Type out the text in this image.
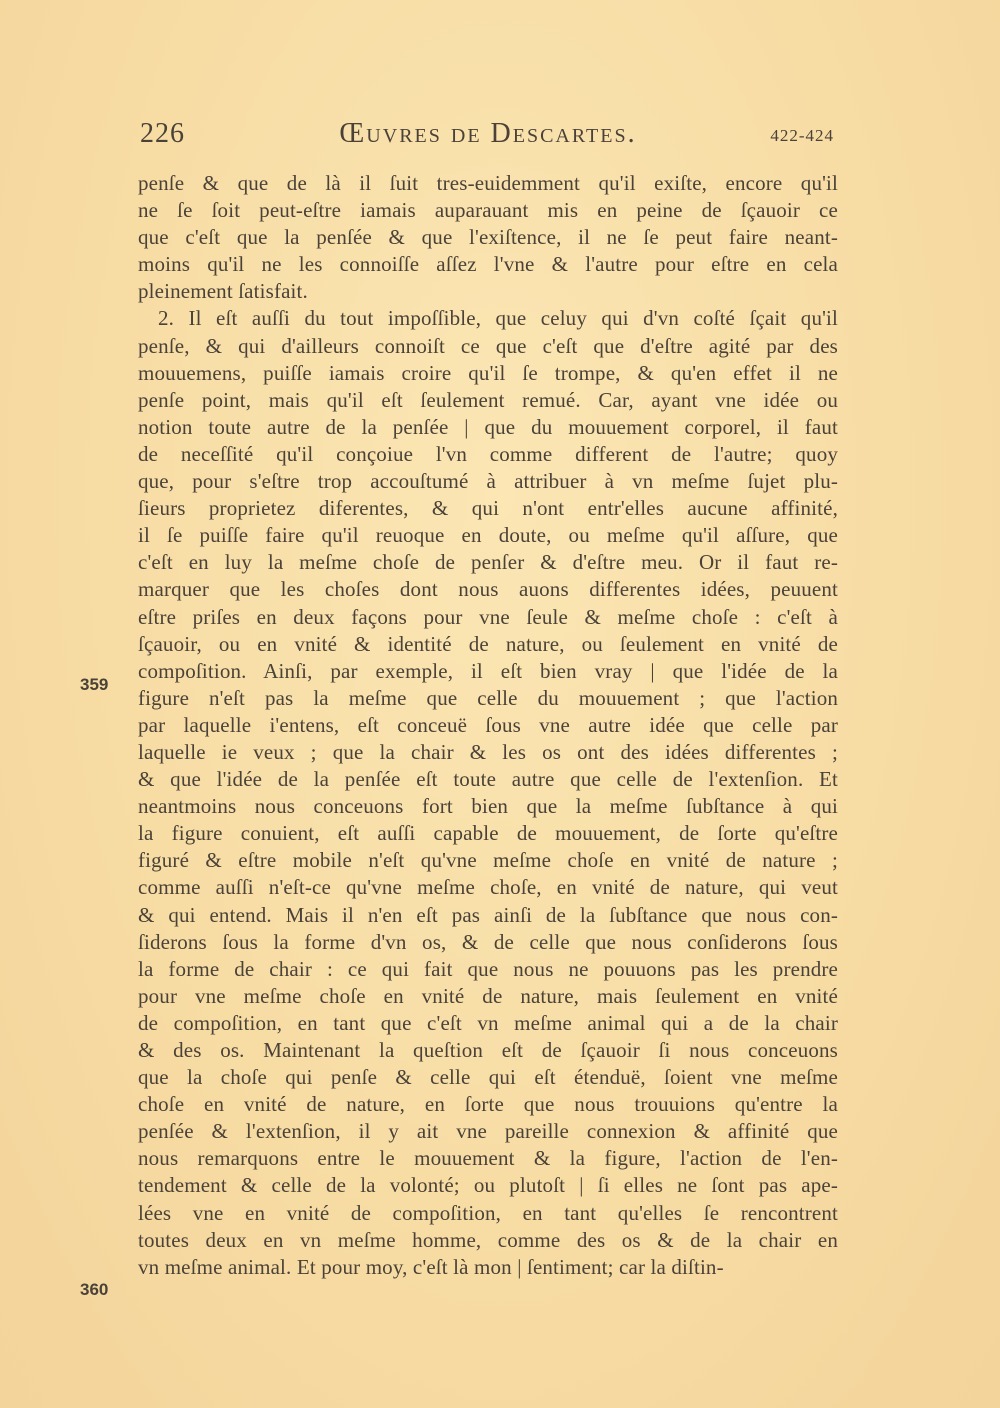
226	Œuvres de Descartes.	422-424
359
360
penſe & que de là il ſuit tres-euidemment qu'il exiſte, encore qu'il
ne ſe ſoit peut-eſtre iamais auparauant mis en peine de ſçauoir ce
que c'eſt que la penſée & que l'exiſtence, il ne ſe peut faire neant-
moins qu'il ne les connoiſſe aſſez l'vne & l'autre pour eſtre en cela
pleinement ſatisfait.
2. Il eſt auſſi du tout impoſſible, que celuy qui d'vn coſté ſçait qu'il
penſe, & qui d'ailleurs connoiſt ce que c'eſt que d'eſtre agité par des
mouuemens, puiſſe iamais croire qu'il ſe trompe, & qu'en effet il ne
penſe point, mais qu'il eſt ſeulement remué. Car, ayant vne idée ou
notion toute autre de la penſée | que du mouuement corporel, il faut
de neceſſité qu'il conçoiue l'vn comme different de l'autre; quoy
que, pour s'eſtre trop accouſtumé à attribuer à vn meſme ſujet plu-
ſieurs proprietez diferentes, & qui n'ont entr'elles aucune affinité,
il ſe puiſſe faire qu'il reuoque en doute, ou meſme qu'il aſſure, que
c'eſt en luy la meſme choſe de penſer & d'eſtre meu. Or il faut re-
marquer que les choſes dont nous auons differentes idées, peuuent
eſtre priſes en deux façons pour vne ſeule & meſme choſe : c'eſt à
ſçauoir, ou en vnité & identité de nature, ou ſeulement en vnité de
compoſition. Ainſi, par exemple, il eſt bien vray | que l'idée de la
figure n'eſt pas la meſme que celle du mouuement ; que l'action
par laquelle i'entens, eſt conceuë ſous vne autre idée que celle par
laquelle ie veux ; que la chair & les os ont des idées differentes ;
& que l'idée de la penſée eſt toute autre que celle de l'extenſion. Et
neantmoins nous conceuons fort bien que la meſme ſubſtance à qui
la figure conuient, eſt auſſi capable de mouuement, de ſorte qu'eſtre
figuré & eſtre mobile n'eſt qu'vne meſme choſe en vnité de nature ;
comme auſſi n'eſt-ce qu'vne meſme choſe, en vnité de nature, qui veut
& qui entend. Mais il n'en eſt pas ainſi de la ſubſtance que nous con-
ſiderons ſous la forme d'vn os, & de celle que nous conſiderons ſous
la forme de chair : ce qui fait que nous ne pouuons pas les prendre
pour vne meſme choſe en vnité de nature, mais ſeulement en vnité
de compoſition, en tant que c'eſt vn meſme animal qui a de la chair
& des os. Maintenant la queſtion eſt de ſçauoir ſi nous conceuons
que la choſe qui penſe & celle qui eſt étenduë, ſoient vne meſme
choſe en vnité de nature, en ſorte que nous trouuions qu'entre la
penſée & l'extenſion, il y ait vne pareille connexion & affinité que
nous remarquons entre le mouuement & la figure, l'action de l'en-
tendement & celle de la volonté; ou plutoſt | ſi elles ne ſont pas ape-
lées vne en vnité de compoſition, en tant qu'elles ſe rencontrent
toutes deux en vn meſme homme, comme des os & de la chair en
vn meſme animal. Et pour moy, c'eſt là mon | ſentiment; car la diſtin-
